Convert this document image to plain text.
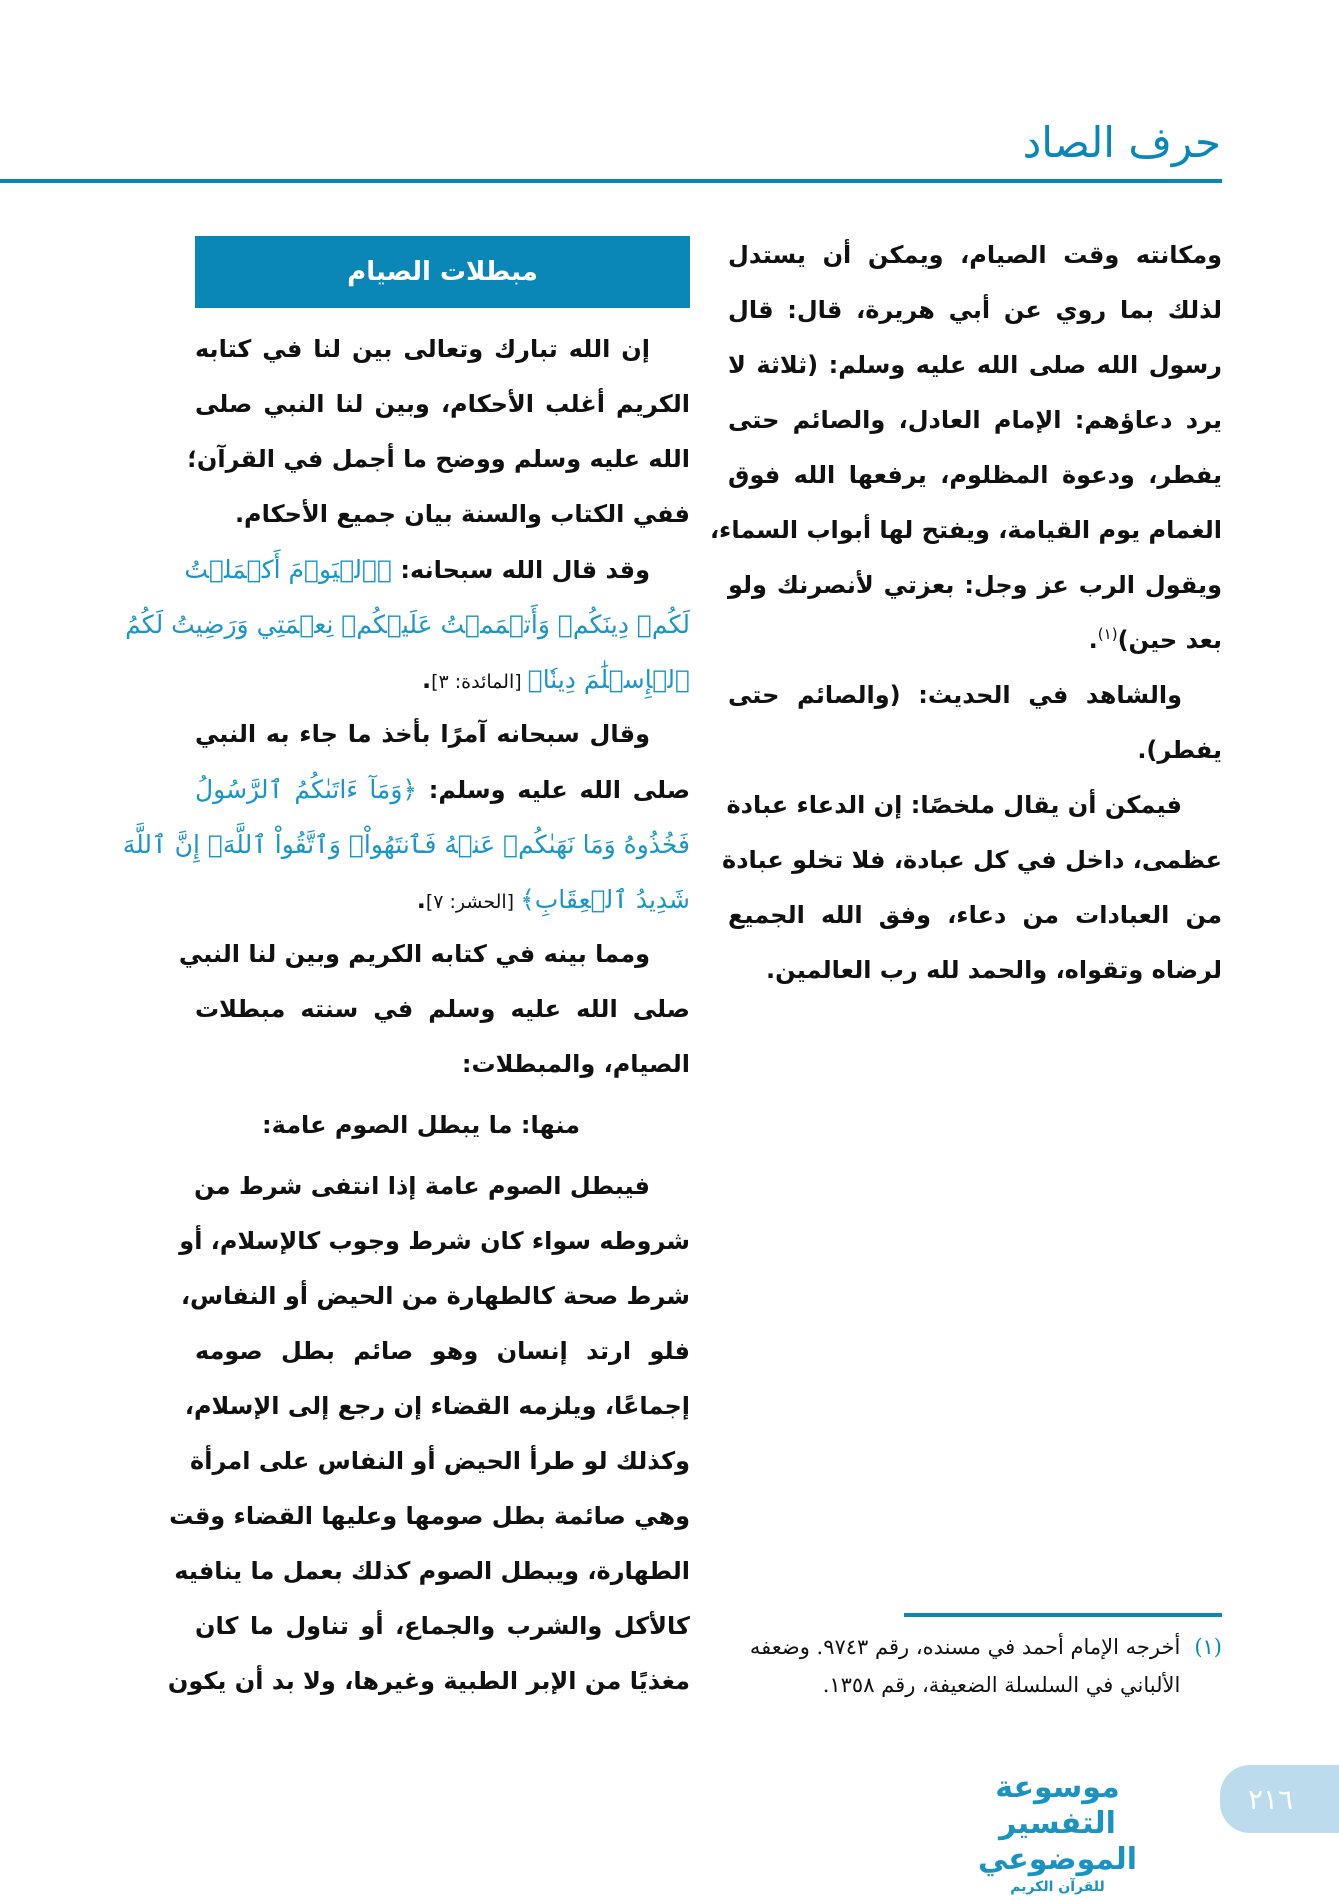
حرف الصاد
ومكانته وقت الصيام، ويمكن أن يستدل
لذلك بما روي عن أبي هريرة، قال: قال
رسول الله صلى الله عليه وسلم: (ثلاثة لا
يرد دعاؤهم: الإمام العادل، والصائم حتى
يفطر، ودعوة المظلوم، يرفعها الله فوق
الغمام يوم القيامة، ويفتح لها أبواب السماء،
ويقول الرب عز وجل: بعزتي لأنصرنك ولو
بعد حين)$^{(١)}$.
والشاهد في الحديث: (والصائم حتى
يفطر).
فيمكن أن يقال ملخصًا: إن الدعاء عبادة
عظمى، داخل في كل عبادة، فلا تخلو عبادة
من العبادات من دعاء، وفق الله الجميع
لرضاه وتقواه، والحمد لله رب العالمين.
مبطلات الصيام
إن الله تبارك وتعالى بين لنا في كتابه
الكريم أغلب الأحكام، وبين لنا النبي صلى
الله عليه وسلم ووضح ما أجمل في القرآن؛
ففي الكتاب والسنة بيان جميع الأحكام.
وقد قال الله سبحانه: ﴿ٱلۡيَوۡمَ أَكۡمَلۡتُ
لَكُمۡ دِينَكُمۡ وَأَتۡمَمۡتُ عَلَيۡكُمۡ نِعۡمَتِي وَرَضِيتُ لَكُمُ
ٱلۡإِسۡلَٰمَ دِينٗا﴾ [المائدة: ٣].
وقال سبحانه آمرًا بأخذ ما جاء به النبي
صلى الله عليه وسلم: ﴿وَمَآ ءَاتَىٰكُمُ ٱلرَّسُولُ
فَخُذُوهُ وَمَا نَهَىٰكُمۡ عَنۡهُ فَٱنتَهُواْۚ وَٱتَّقُواْ ٱللَّهَۖ إِنَّ ٱللَّهَ
شَدِيدُ ٱلۡعِقَابِ﴾ [الحشر: ٧].
ومما بينه في كتابه الكريم وبين لنا النبي
صلى الله عليه وسلم في سنته مبطلات
الصيام، والمبطلات:
منها: ما يبطل الصوم عامة:
فيبطل الصوم عامة إذا انتفى شرط من
شروطه سواء كان شرط وجوب كالإسلام، أو
شرط صحة كالطهارة من الحيض أو النفاس،
فلو ارتد إنسان وهو صائم بطل صومه
إجماعًا، ويلزمه القضاء إن رجع إلى الإسلام،
وكذلك لو طرأ الحيض أو النفاس على امرأة
وهي صائمة بطل صومها وعليها القضاء وقت
الطهارة، ويبطل الصوم كذلك بعمل ما ينافيه
كالأكل والشرب والجماع، أو تناول ما كان
مغذيًا من الإبر الطبية وغيرها، ولا بد أن يكون
(١)أخرجه الإمام أحمد في مسنده، رقم ٩٧٤٣. وضعفه الألباني في السلسلة الضعيفة، رقم ١٣٥٨.
موسوعة التفسير الموضوعي
للقرآن الكريم
٢١٦
